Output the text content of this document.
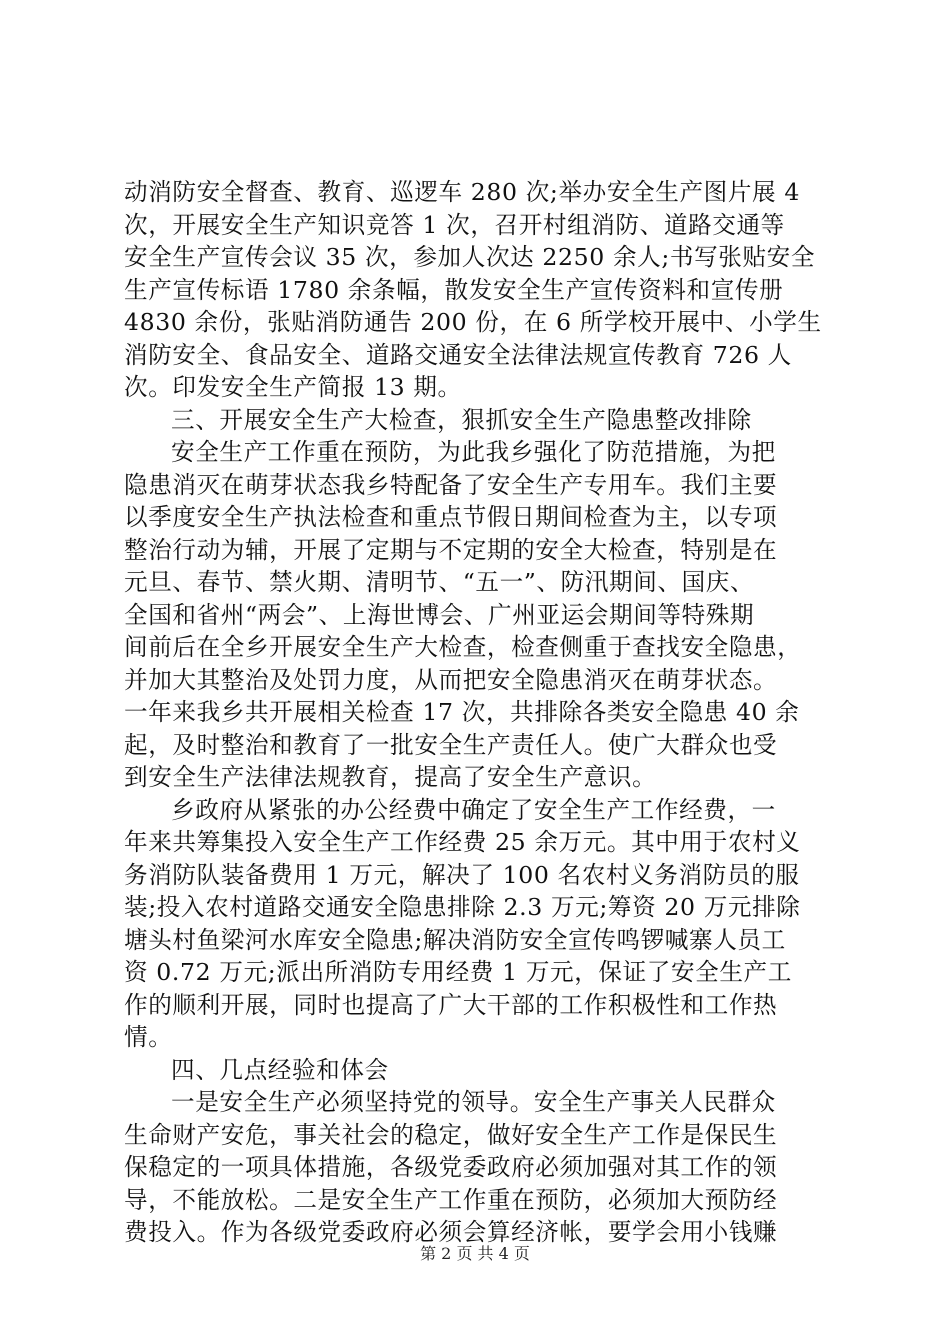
动消防安全督查、教育、巡逻车 280 次;举办安全生产图片展 4
次，开展安全生产知识竞答 1 次，召开村组消防、道路交通等
安全生产宣传会议 35 次，参加人次达 2250 余人;书写张贴安全
生产宣传标语 1780 余条幅，散发安全生产宣传资料和宣传册
4830 余份，张贴消防通告 200 份，在 6 所学校开展中、小学生
消防安全、食品安全、道路交通安全法律法规宣传教育 726 人
次。印发安全生产简报 13 期。
三、开展安全生产大检查，狠抓安全生产隐患整改排除
安全生产工作重在预防，为此我乡强化了防范措施，为把
隐患消灭在萌芽状态我乡特配备了安全生产专用车。我们主要
以季度安全生产执法检查和重点节假日期间检查为主，以专项
整治行动为辅，开展了定期与不定期的安全大检查，特别是在
元旦、春节、禁火期、清明节、“五一”、防汛期间、国庆、
全国和省州“两会”、上海世博会、广州亚运会期间等特殊期
间前后在全乡开展安全生产大检查，检查侧重于查找安全隐患，
并加大其整治及处罚力度，从而把安全隐患消灭在萌芽状态。
一年来我乡共开展相关检查 17 次，共排除各类安全隐患 40 余
起，及时整治和教育了一批安全生产责任人。使广大群众也受
到安全生产法律法规教育，提高了安全生产意识。
乡政府从紧张的办公经费中确定了安全生产工作经费，一
年来共筹集投入安全生产工作经费 25 余万元。其中用于农村义
务消防队装备费用 1 万元，解决了 100 名农村义务消防员的服
装;投入农村道路交通安全隐患排除 2.3 万元;筹资 20 万元排除
塘头村鱼梁河水库安全隐患;解决消防安全宣传鸣锣喊寨人员工
资 0.72 万元;派出所消防专用经费 1 万元，保证了安全生产工
作的顺利开展，同时也提高了广大干部的工作积极性和工作热
情。
四、几点经验和体会
一是安全生产必须坚持党的领导。安全生产事关人民群众
生命财产安危，事关社会的稳定，做好安全生产工作是保民生
保稳定的一项具体措施，各级党委政府必须加强对其工作的领
导，不能放松。二是安全生产工作重在预防，必须加大预防经
费投入。作为各级党委政府必须会算经济帐，要学会用小钱赚
第 2 页 共 4 页
